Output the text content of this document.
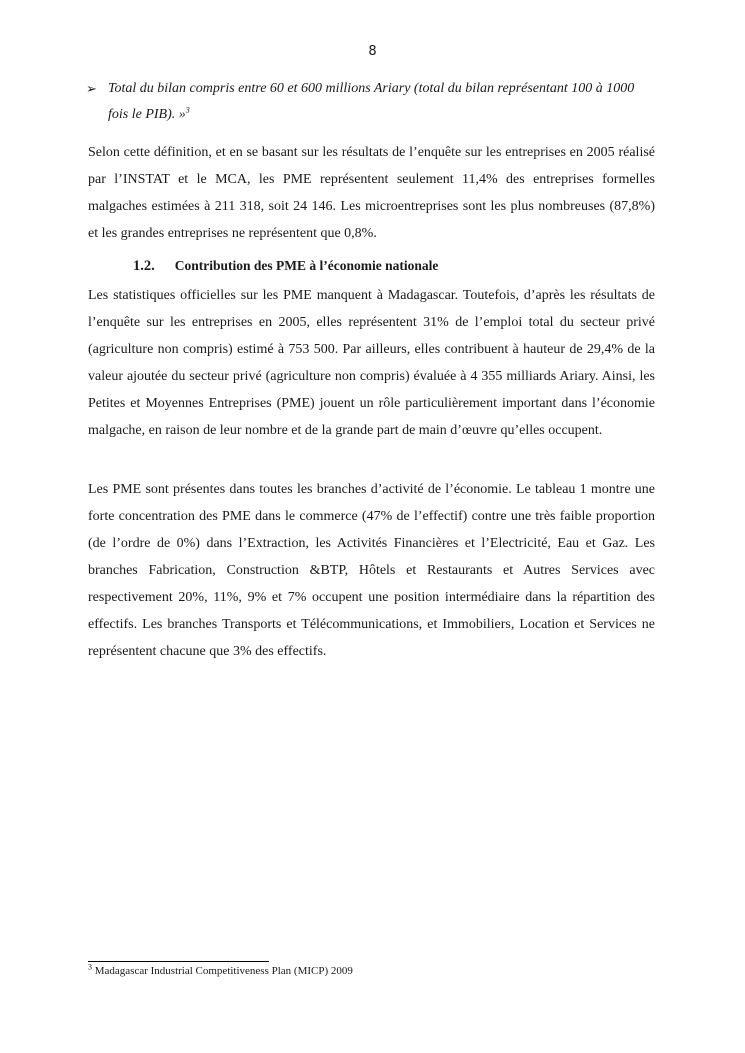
8
➢ Total du bilan compris entre 60 et 600 millions Ariary (total du bilan représentant 100 à 1000 fois le PIB). »$^3$

Selon cette définition, et en se basant sur les résultats de l’enquête sur les entreprises en 2005 réalisé par l’INSTAT et le MCA, les PME représentent seulement 11,4% des entreprises formelles malgaches estimées à 211 318, soit 24 146. Les microentreprises sont les plus nombreuses (87,8%) et les grandes entreprises ne représentent que 0,8%.

1.2. Contribution des PME à l’économie nationale

Les statistiques officielles sur les PME manquent à Madagascar. Toutefois, d’après les résultats de l’enquête sur les entreprises en 2005, elles représentent 31% de l’emploi total du secteur privé (agriculture non compris) estimé à 753 500. Par ailleurs, elles contribuent à hauteur de 29,4% de la valeur ajoutée du secteur privé (agriculture non compris) évaluée à 4 355 milliards Ariary. Ainsi, les Petites et Moyennes Entreprises (PME) jouent un rôle particulièrement important dans l’économie malgache, en raison de leur nombre et de la grande part de main d’œuvre qu’elles occupent.

Les PME sont présentes dans toutes les branches d’activité de l’économie. Le tableau 1 montre une forte concentration des PME dans le commerce (47% de l’effectif) contre une très faible proportion (de l’ordre de 0%) dans l’Extraction, les Activités Financières et l’Electricité, Eau et Gaz. Les branches Fabrication, Construction &BTP, Hôtels et Restaurants et Autres Services avec respectivement 20%, 11%, 9% et 7% occupent une position intermédiaire dans la répartition des effectifs. Les branches Transports et Télécommunications, et Immobiliers, Location et Services ne représentent chacune que 3% des effectifs.

$^3$ Madagascar Industrial Competitiveness Plan (MICP) 2009
